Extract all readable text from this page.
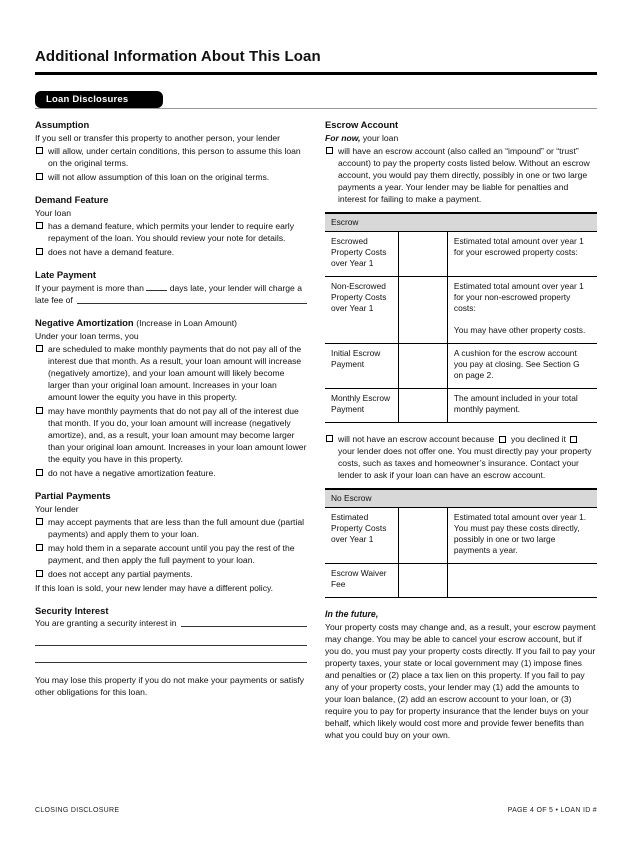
Additional Information About This Loan
Loan Disclosures
Assumption
If you sell or transfer this property to another person, your lender
will allow, under certain conditions, this person to assume this loan on the original terms.
will not allow assumption of this loan on the original terms.
Demand Feature
Your loan
has a demand feature, which permits your lender to require early repayment of the loan. You should review your note for details.
does not have a demand feature.
Late Payment
If your payment is more than	days late, your lender will charge a
late fee of
Negative Amortization (Increase in Loan Amount)
Under your loan terms, you
are scheduled to make monthly payments that do not pay all of the interest due that month. As a result, your loan amount will increase (negatively amortize), and your loan amount will likely become larger than your original loan amount. Increases in your loan amount lower the equity you have in this property.
may have monthly payments that do not pay all of the interest due that month. If you do, your loan amount will increase (negatively amortize), and, as a result, your loan amount may become larger than your original loan amount. Increases in your loan amount lower the equity you have in this property.
do not have a negative amortization feature.
Partial Payments
Your lender
may accept payments that are less than the full amount due (partial payments) and apply them to your loan.
may hold them in a separate account until you pay the rest of the payment, and then apply the full payment to your loan.
does not accept any partial payments.
If this loan is sold, your new lender may have a different policy.
Security Interest
You are granting a security interest in
You may lose this property if you do not make your payments or satisfy other obligations for this loan.
Escrow Account
For now, your loan
will have an escrow account (also called an “impound” or “trust” account) to pay the property costs listed below. Without an escrow account, you would pay them directly, possibly in one or two large payments a year. Your lender may be liable for penalties and interest for failing to make a payment.
Escrow		
Escrowed Property Costs over Year 1		Estimated total amount over year 1 for your escrowed property costs:
Non-Escrowed Property Costs over Year 1		Estimated total amount over year 1 for your non-escrowed property costs:
You may have other property costs.

Initial Escrow Payment		A cushion for the escrow account you pay at closing. See Section G on page 2.
Monthly Escrow Payment		The amount included in your total monthly payment.
will not have an escrow account because you declined it  your lender does not offer one. You must directly pay your property costs, such as taxes and homeowner’s insurance. Contact your lender to ask if your loan can have an escrow account.
No Escrow		
Estimated Property Costs over Year 1		Estimated total amount over year 1. You must pay these costs directly, possibly in one or two large payments a year.
Escrow Waiver Fee		
In the future,
Your property costs may change and, as a result, your escrow payment may change. You may be able to cancel your escrow account, but if you do, you must pay your property costs directly. If you fail to pay your property taxes, your state or local government may (1) impose fines and penalties or (2) place a tax lien on this property. If you fail to pay any of your property costs, your lender may (1) add the amounts to your loan balance, (2) add an escrow account to your loan, or (3) require you to pay for property insurance that the lender buys on your behalf, which likely would cost more and provide fewer benefits than what you could buy on your own.
CLOSING DISCLOSURE	PAGE 4 OF 5 • LOAN ID #
